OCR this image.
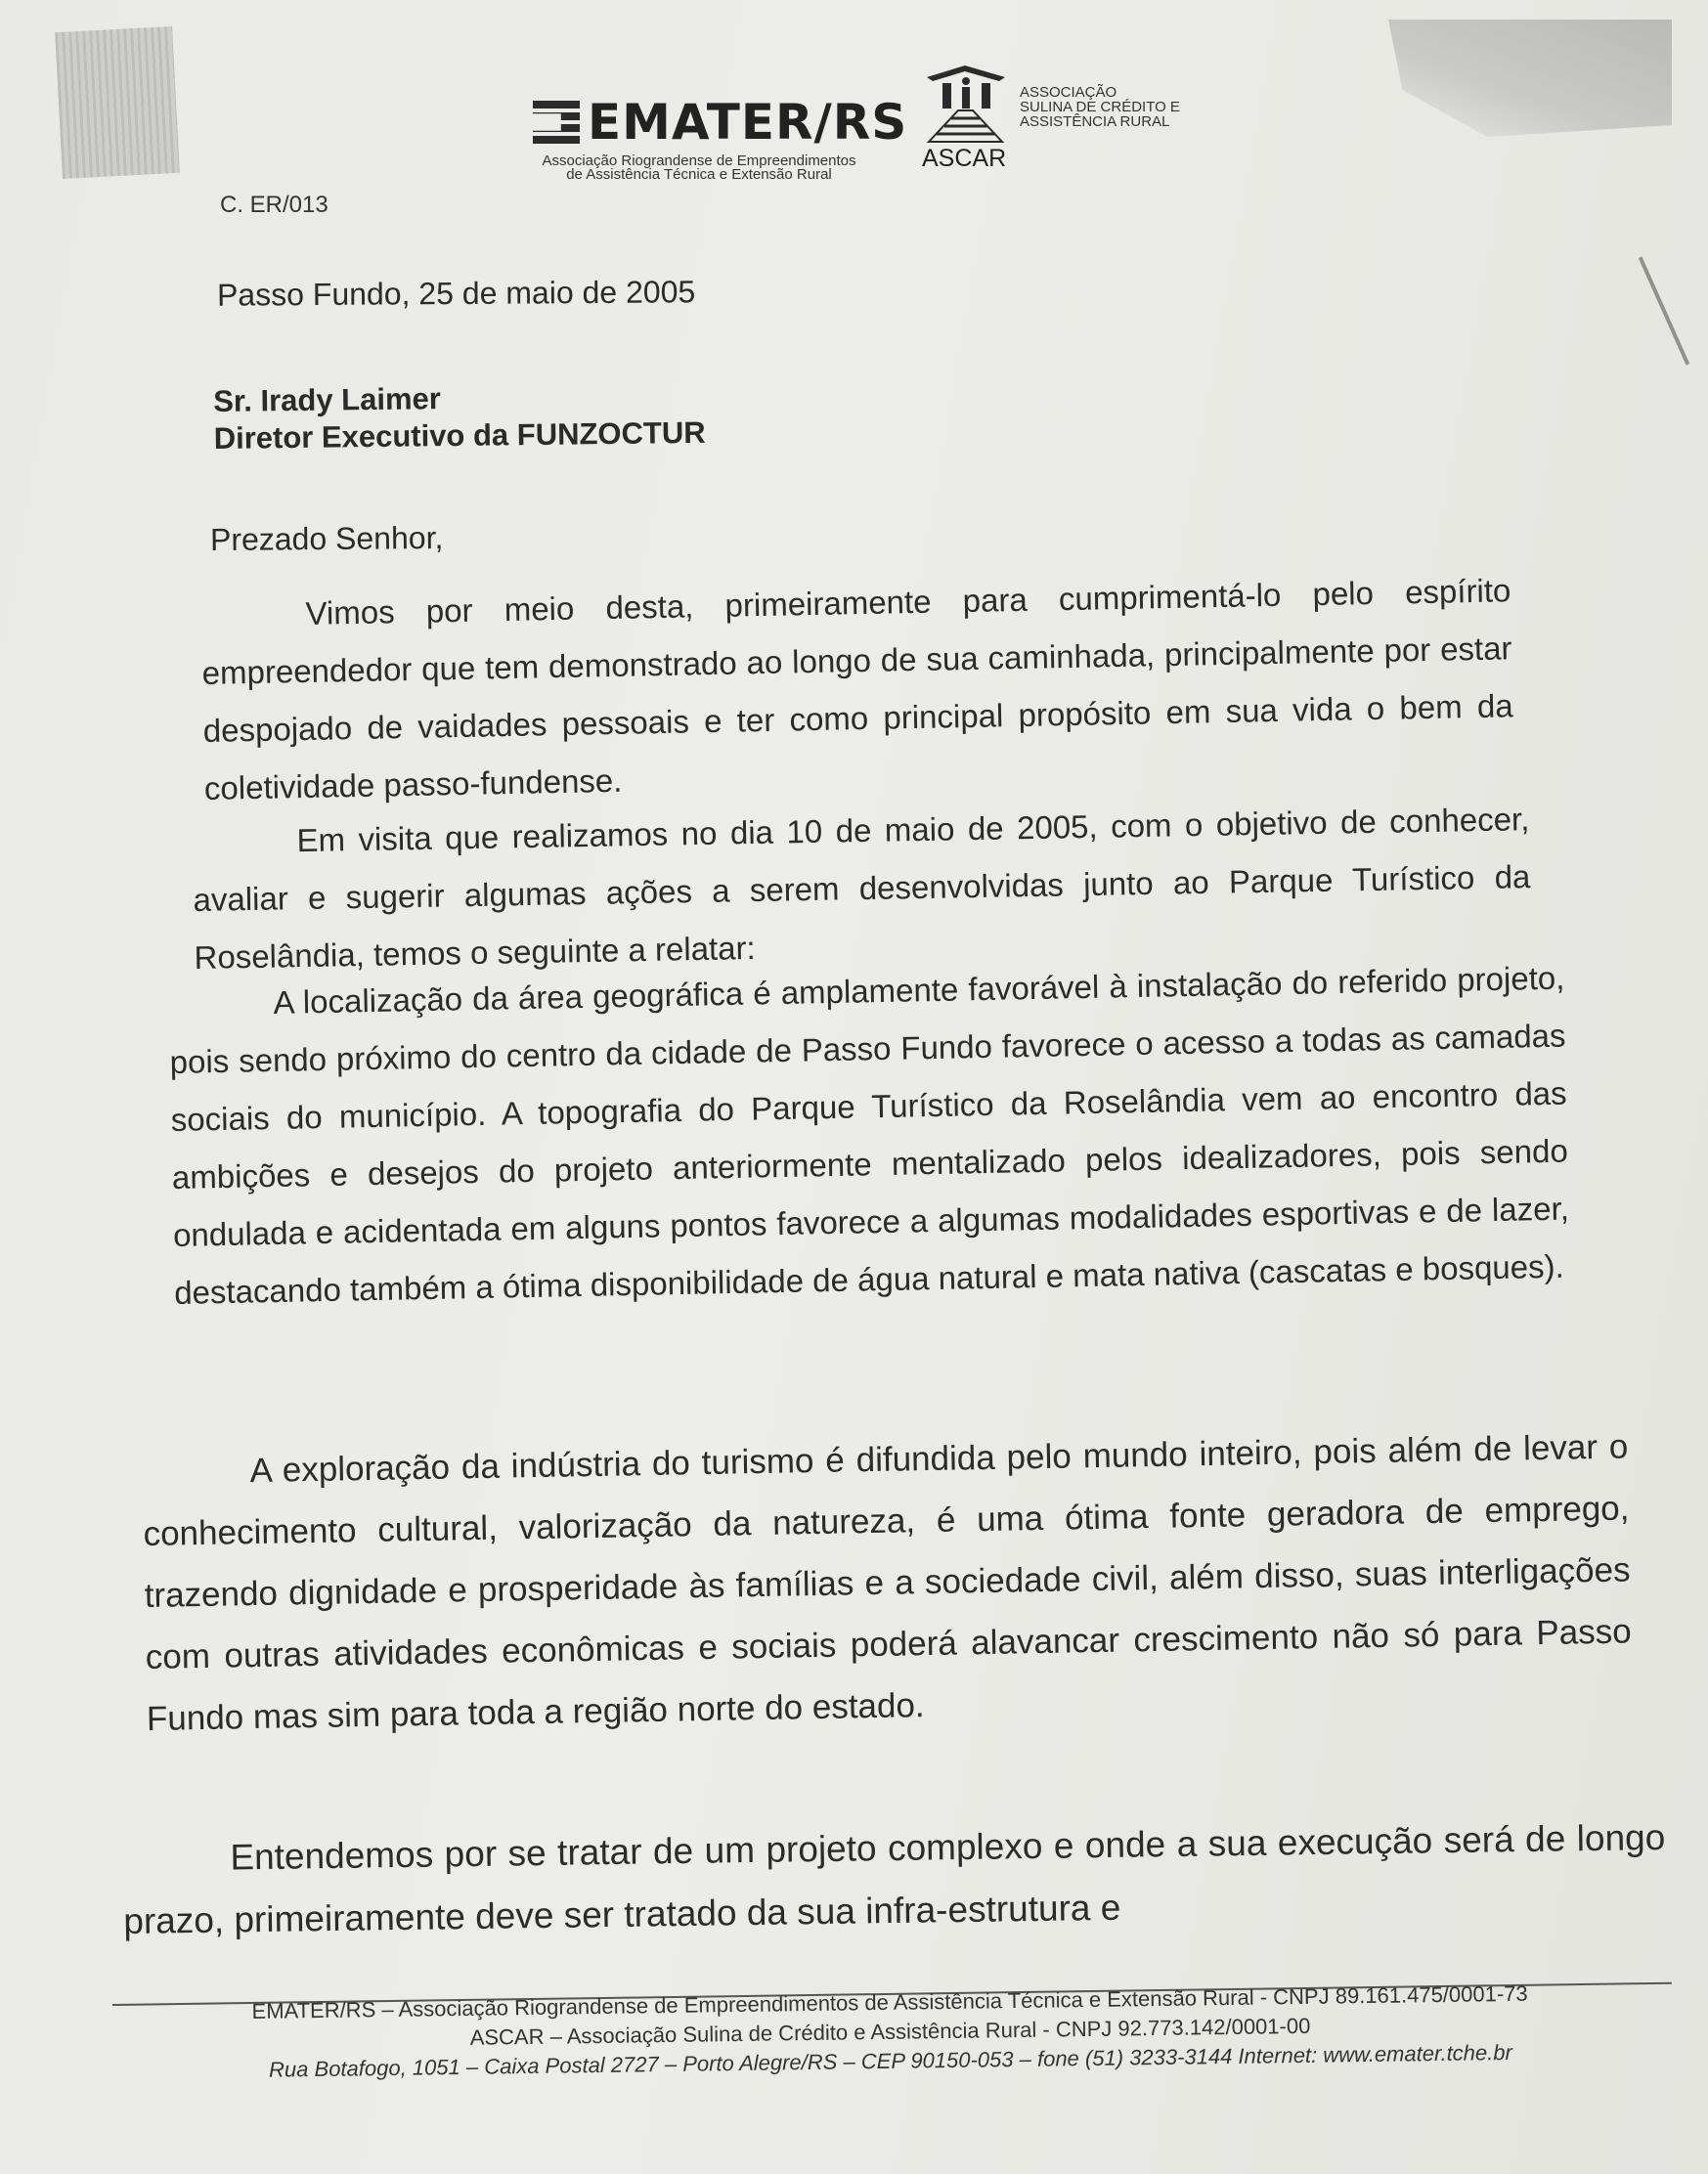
EMATER/RS
Associação Riograndense de Empreendimentos
de Assistência Técnica e Extensão Rural
ASCAR
ASSOCIAÇÃO
SULINA DE CRÉDITO E
ASSISTÊNCIA RURAL
C. ER/013
Passo Fundo, 25 de maio de 2005
Sr. Irady Laimer
Diretor Executivo da FUNZOCTUR
Prezado Senhor,

Vimos por meio desta, primeiramente para cumprimentá-lo pelo espírito empreendedor que tem demonstrado ao longo de sua caminhada, principalmente por estar despojado de vaidades pessoais e ter como principal propósito em sua vida o bem da coletividade passo-fundense.

Em visita que realizamos no dia 10 de maio de 2005, com o objetivo de conhecer, avaliar e sugerir algumas ações a serem desenvolvidas junto ao Parque Turístico da Roselândia, temos o seguinte a relatar:

A localização da área geográfica é amplamente favorável à instalação do referido projeto, pois sendo próximo do centro da cidade de Passo Fundo favorece o acesso a todas as camadas sociais do município. A topografia do Parque Turístico da Roselândia vem ao encontro das ambições e desejos do projeto anteriormente mentalizado pelos idealizadores, pois sendo ondulada e acidentada em alguns pontos favorece a algumas modalidades esportivas e de lazer, destacando também a ótima disponibilidade de água natural e mata nativa (cascatas e bosques).

A exploração da indústria do turismo é difundida pelo mundo inteiro, pois além de levar o conhecimento cultural, valorização da natureza, é uma ótima fonte geradora de emprego, trazendo dignidade e prosperidade às famílias e a sociedade civil, além disso, suas interligações com outras atividades econômicas e sociais poderá alavancar crescimento não só para Passo Fundo mas sim para toda a região norte do estado.

Entendemos por se tratar de um projeto complexo e onde a sua execução será de longo prazo, primeiramente deve ser tratado da sua infra-estrutura e

EMATER/RS – Associação Riograndense de Empreendimentos de Assistência Técnica e Extensão Rural - CNPJ 89.161.475/0001-73
ASCAR – Associação Sulina de Crédito e Assistência Rural - CNPJ 92.773.142/0001-00
Rua Botafogo, 1051 – Caixa Postal 2727 – Porto Alegre/RS – CEP 90150-053 – fone (51) 3233-3144 Internet: www.emater.tche.br
